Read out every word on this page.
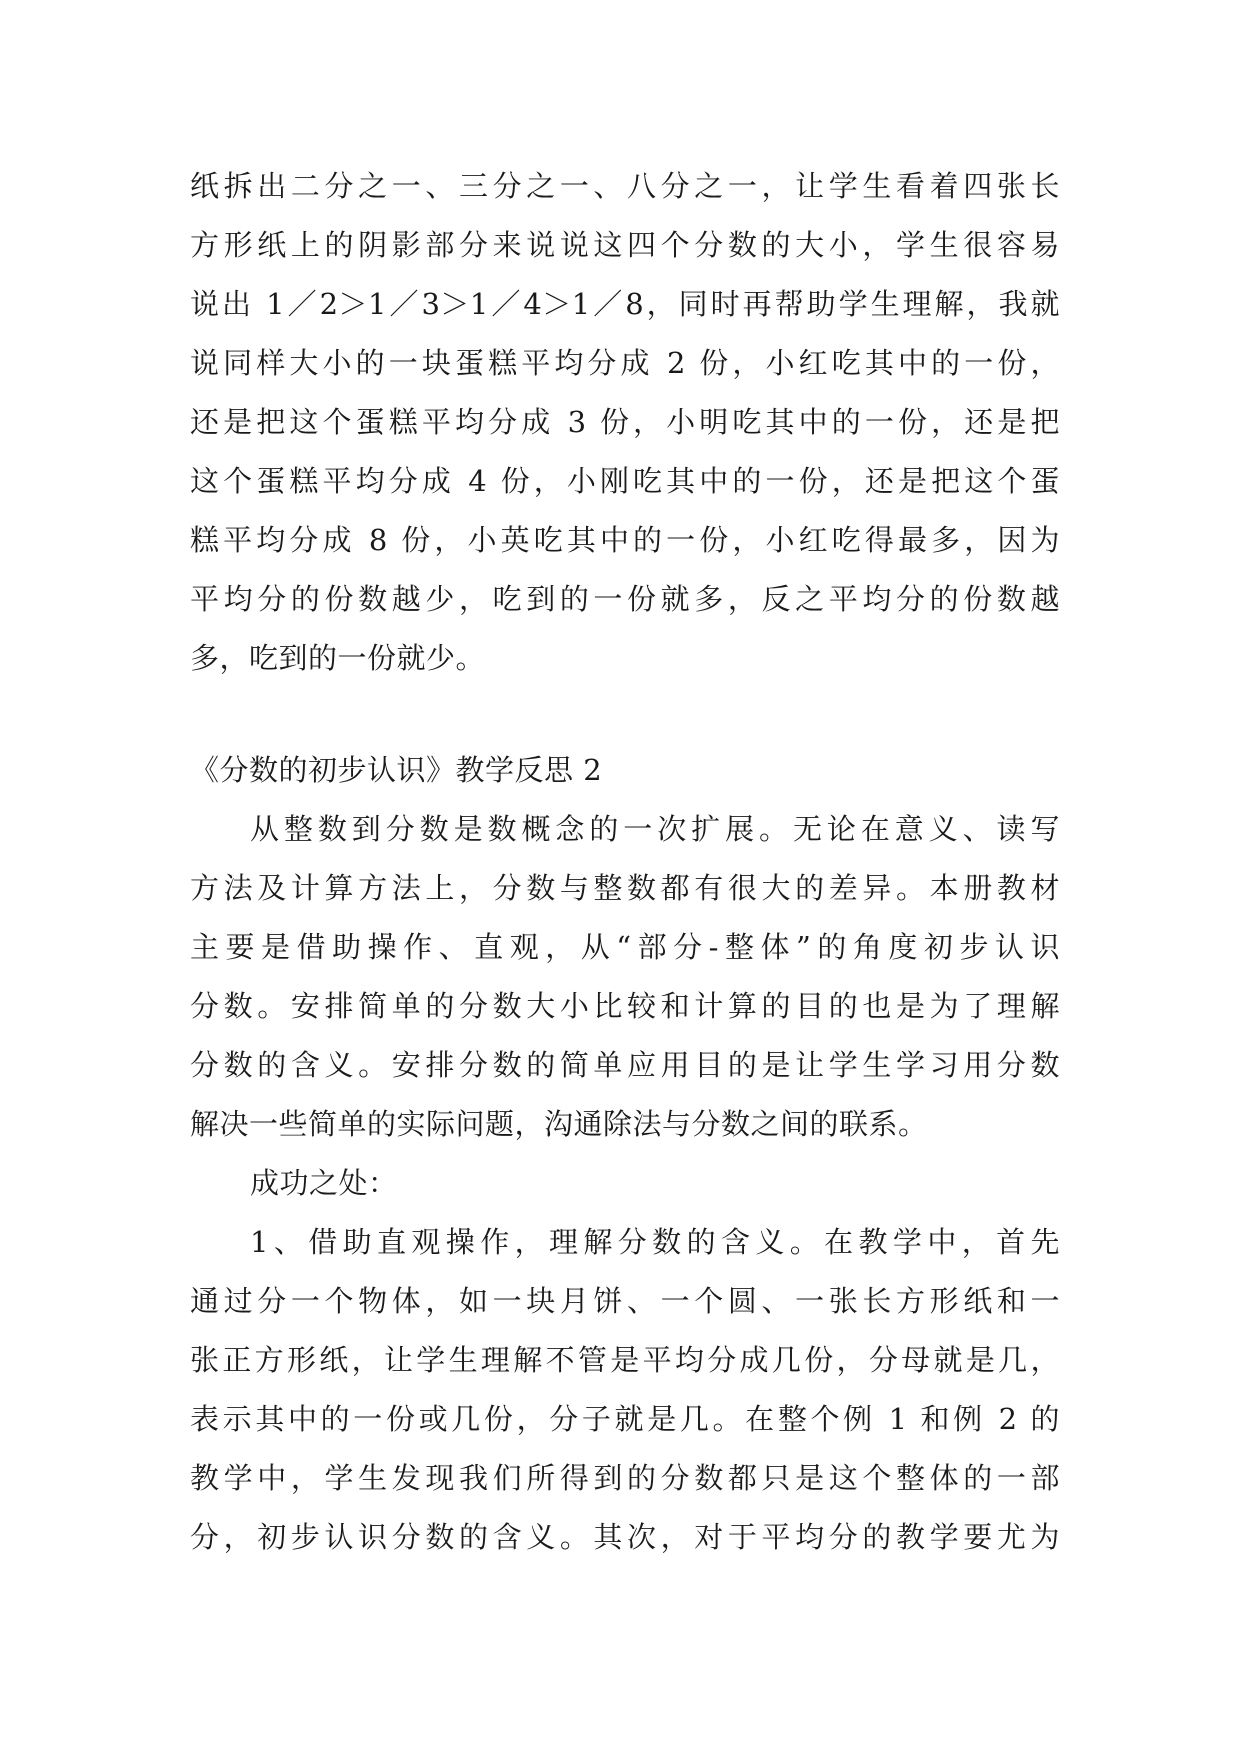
纸拆出二分之一、三分之一、八分之一，让学生看着四张长
方形纸上的阴影部分来说说这四个分数的大小，学生很容易
说出 1／2＞1／3＞1／4＞1／8，同时再帮助学生理解，我就
说同样大小的一块蛋糕平均分成 2 份，小红吃其中的一份，
还是把这个蛋糕平均分成 3 份，小明吃其中的一份，还是把
这个蛋糕平均分成 4 份，小刚吃其中的一份，还是把这个蛋
糕平均分成 8 份，小英吃其中的一份，小红吃得最多，因为
平均分的份数越少，吃到的一份就多，反之平均分的份数越
多，吃到的一份就少。
《分数的初步认识》教学反思 2
从整数到分数是数概念的一次扩展。无论在意义、读写
方法及计算方法上，分数与整数都有很大的差异。本册教材
主要是借助操作、直观，从“部分-整体”的角度初步认识
分数。安排简单的分数大小比较和计算的目的也是为了理解
分数的含义。安排分数的简单应用目的是让学生学习用分数
解决一些简单的实际问题，沟通除法与分数之间的联系。
成功之处：
1、借助直观操作，理解分数的含义。在教学中，首先
通过分一个物体，如一块月饼、一个圆、一张长方形纸和一
张正方形纸，让学生理解不管是平均分成几份，分母就是几，
表示其中的一份或几份，分子就是几。在整个例 1 和例 2 的
教学中，学生发现我们所得到的分数都只是这个整体的一部
分，初步认识分数的含义。其次，对于平均分的教学要尤为
